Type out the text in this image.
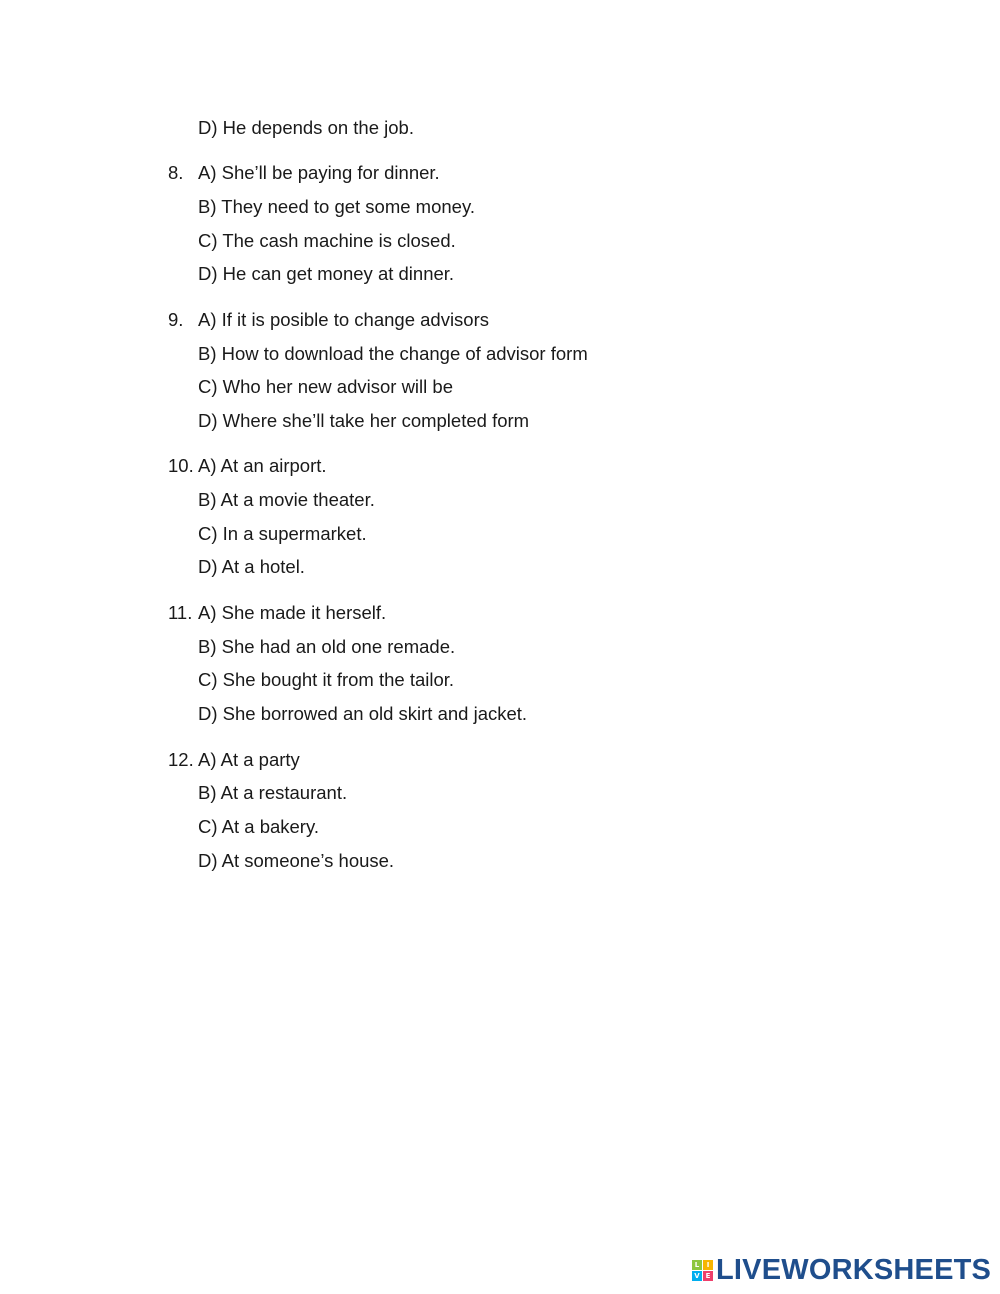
D) He depends on the job.
8. A) She’ll be paying for dinner.
B) They need to get some money.
C) The cash machine is closed.
D) He can get money at dinner.
9. A) If it is posible to change advisors
B) How to download the change of advisor form
C) Who her new advisor will be
D) Where she’ll take her completed form
10. A) At an airport.
B) At a movie theater.
C) In a supermarket.
D) At a hotel.
11. A) She made it herself.
B) She had an old one remade.
C) She bought it from the tailor.
D) She borrowed an old skirt and jacket.
12. A) At a party
B) At a restaurant.
C) At a bakery.
D) At someone’s house.
L	I
V E LIVEWORKSHEETS
